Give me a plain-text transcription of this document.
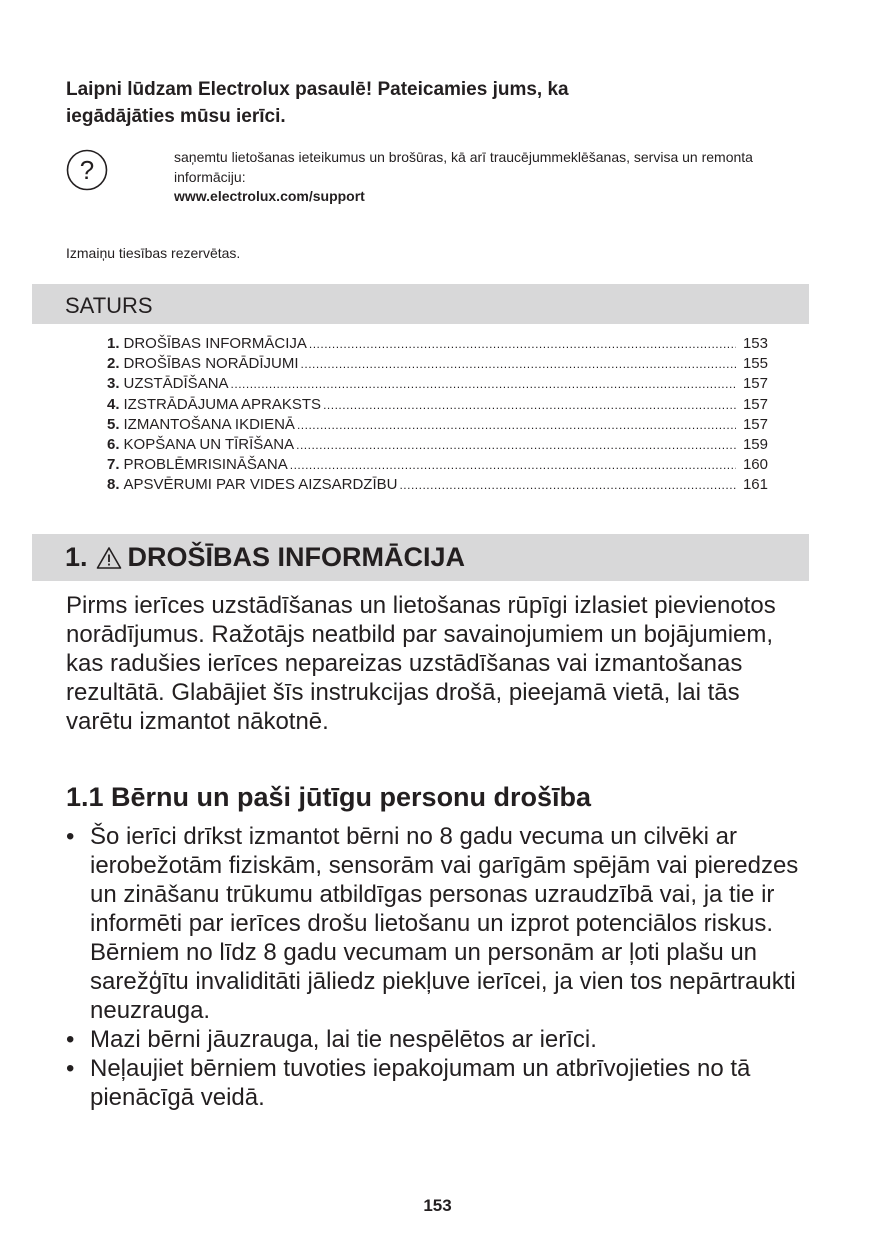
Laipni lūdzam Electrolux pasaulē! Pateicamies jums, ka
iegādājāties mūsu ierīci.
?	saņemtu lietošanas ieteikumus un brošūras, kā arī traucējummeklēšanas, servisa un remonta informāciju:
www.electrolux.com/support
Izmaiņu tiesības rezervētas.
SATURS
1. DROŠĪBAS INFORMĀCIJA .....	153
2. DROŠĪBAS NORĀDĪJUMI .....	155
3. UZSTĀDĪŠANA .....	157
4. IZSTRĀDĀJUMA APRAKSTS .....	157
5. IZMANTOŠANA IKDIENĀ .....	157
6. KOPŠANA UN TĪRĪŠANA .....	159
7. PROBLĒMRISINĀŠANA .....	160
8. APSVĒRUMI PAR VIDES AIZSARDZĪBU .....	161
1. DROŠĪBAS INFORMĀCIJA

Pirms ierīces uzstādīšanas un lietošanas rūpīgi izlasiet pievienotos norādījumus. Ražotājs neatbild par savainojumiem un bojājumiem, kas radušies ierīces nepareizas uzstādīšanas vai izmantošanas rezultātā. Glabājiet šīs instrukcijas drošā, pieejamā vietā, lai tās varētu izmantot nākotnē.

1.1 Bērnu un paši jūtīgu personu drošība
• Šo ierīci drīkst izmantot bērni no 8 gadu vecuma un cilvēki ar ierobežotām fiziskām, sensorām vai garīgām spējām vai pieredzes un zināšanu trūkumu atbildīgas personas uzraudzībā vai, ja tie ir informēti par ierīces drošu lietošanu un izprot potenciālos riskus. Bērniem no līdz 8 gadu vecumam un personām ar ļoti plašu un sarežģītu invaliditāti jāliedz piekļuve ierīcei, ja vien tos nepārtraukti neuzrauga.
• Mazi bērni jāuzrauga, lai tie nespēlētos ar ierīci.
• Neļaujiet bērniem tuvoties iepakojumam un atbrīvojieties no tā pienācīgā veidā.
153
